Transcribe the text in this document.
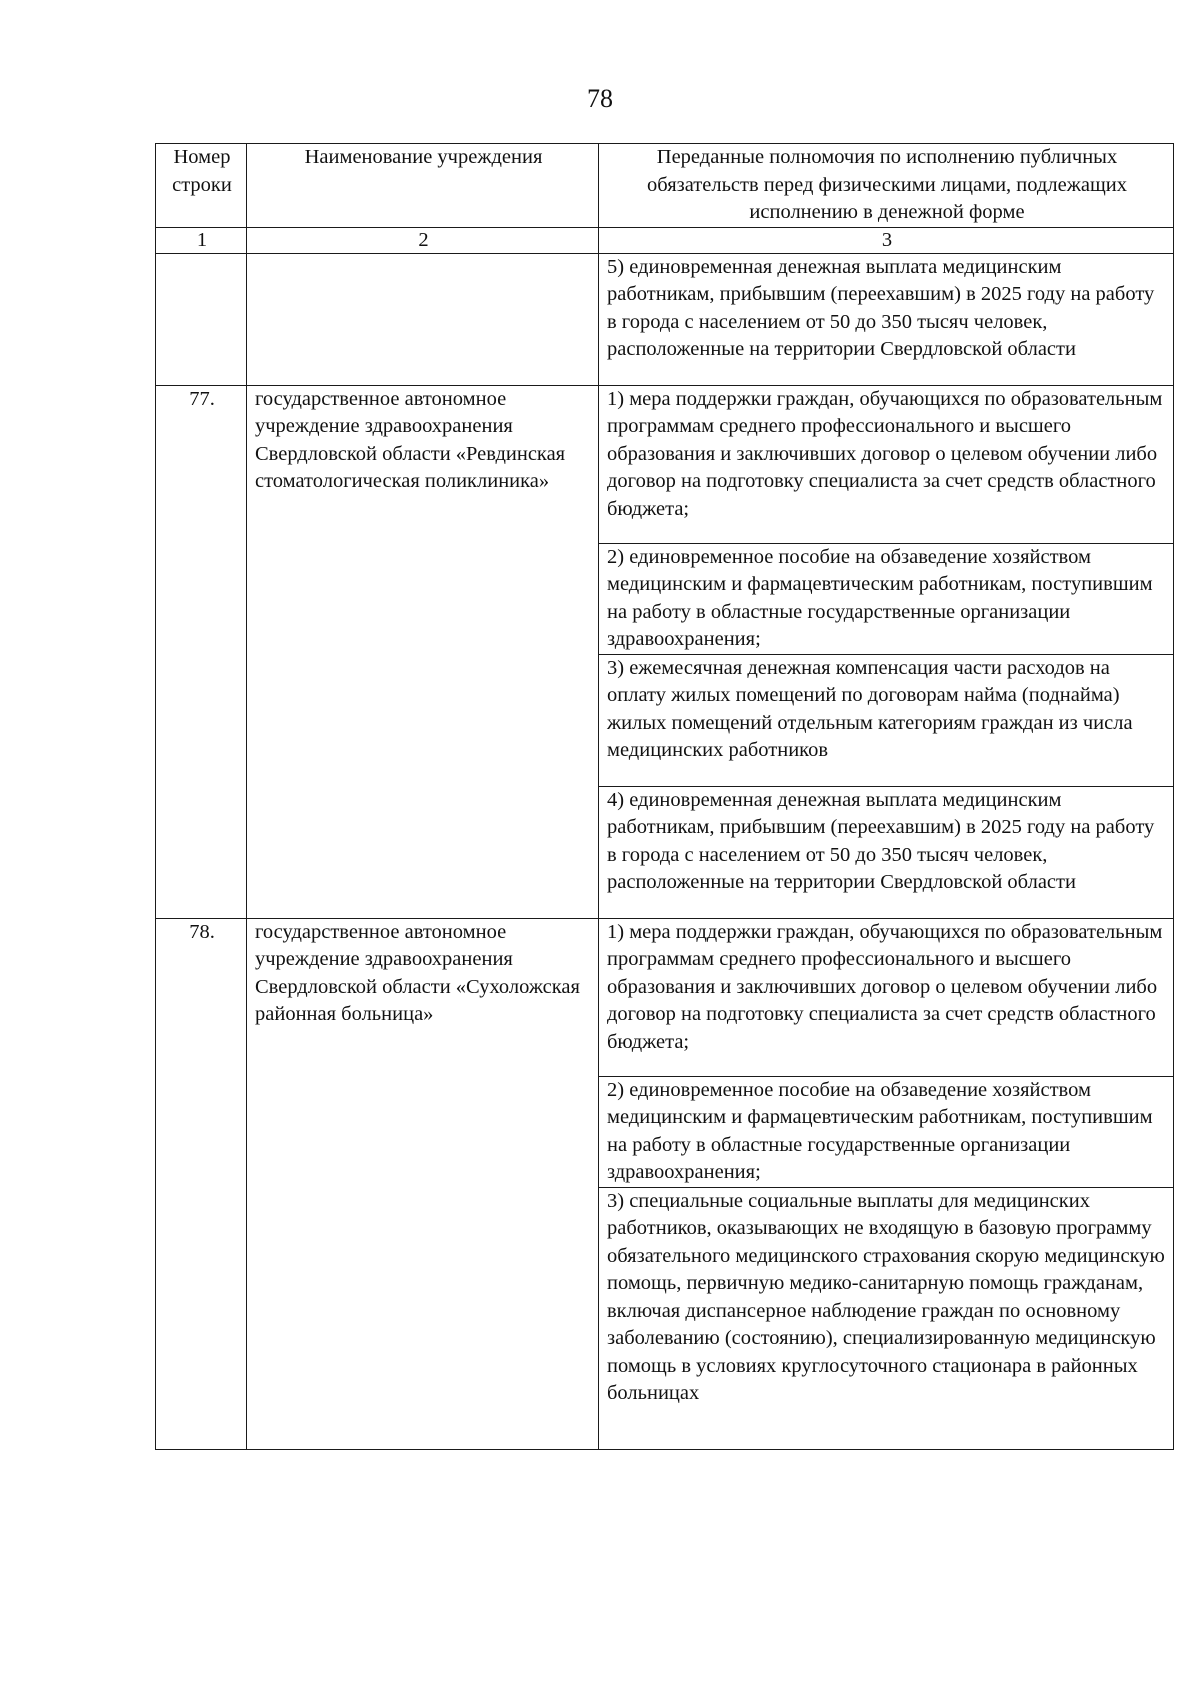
78
Номер строки	Наименование учреждения	Переданные полномочия по исполнению публичных обязательств перед физическими лицами, подлежащих исполнению в денежной форме
1	2	3
		5) единовременная денежная выплата медицинским работникам, прибывшим (переехавшим) в 2025 году на работу в города с населением от 50 до 350 тысяч человек, расположенные на территории Свердловской области
77.	государственное автономное учреждение здравоохранения Свердловской области «Ревдинская стоматологическая поликлиника»	1) мера поддержки граждан, обучающихся по образовательным программам среднего профессионального и высшего образования и заключивших договор о целевом обучении либо договор на подготовку специалиста за счет средств областного бюджета;
		2) единовременное пособие на обзаведение хозяйством медицинским и фармацевтическим работникам, поступившим на работу в областные государственные организации здравоохранения;
		3) ежемесячная денежная компенсация части расходов на оплату жилых помещений по договорам найма (поднайма) жилых помещений отдельным категориям граждан из числа медицинских работников
		4) единовременная денежная выплата медицинским работникам, прибывшим (переехавшим) в 2025 году на работу в города с населением от 50 до 350 тысяч человек, расположенные на территории Свердловской области
78.	государственное автономное учреждение здравоохранения Свердловской области «Сухоложская районная больница»	1) мера поддержки граждан, обучающихся по образовательным программам среднего профессионального и высшего образования и заключивших договор о целевом обучении либо договор на подготовку специалиста за счет средств областного бюджета;
		2) единовременное пособие на обзаведение хозяйством медицинским и фармацевтическим работникам, поступившим на работу в областные государственные организации здравоохранения;
		3) специальные социальные выплаты для медицинских работников, оказывающих не входящую в базовую программу обязательного медицинского страхования скорую медицинскую помощь, первичную медико-санитарную помощь гражданам, включая диспансерное наблюдение граждан по основному заболеванию (состоянию), специализированную медицинскую помощь в условиях круглосуточного стационара в районных больницах
